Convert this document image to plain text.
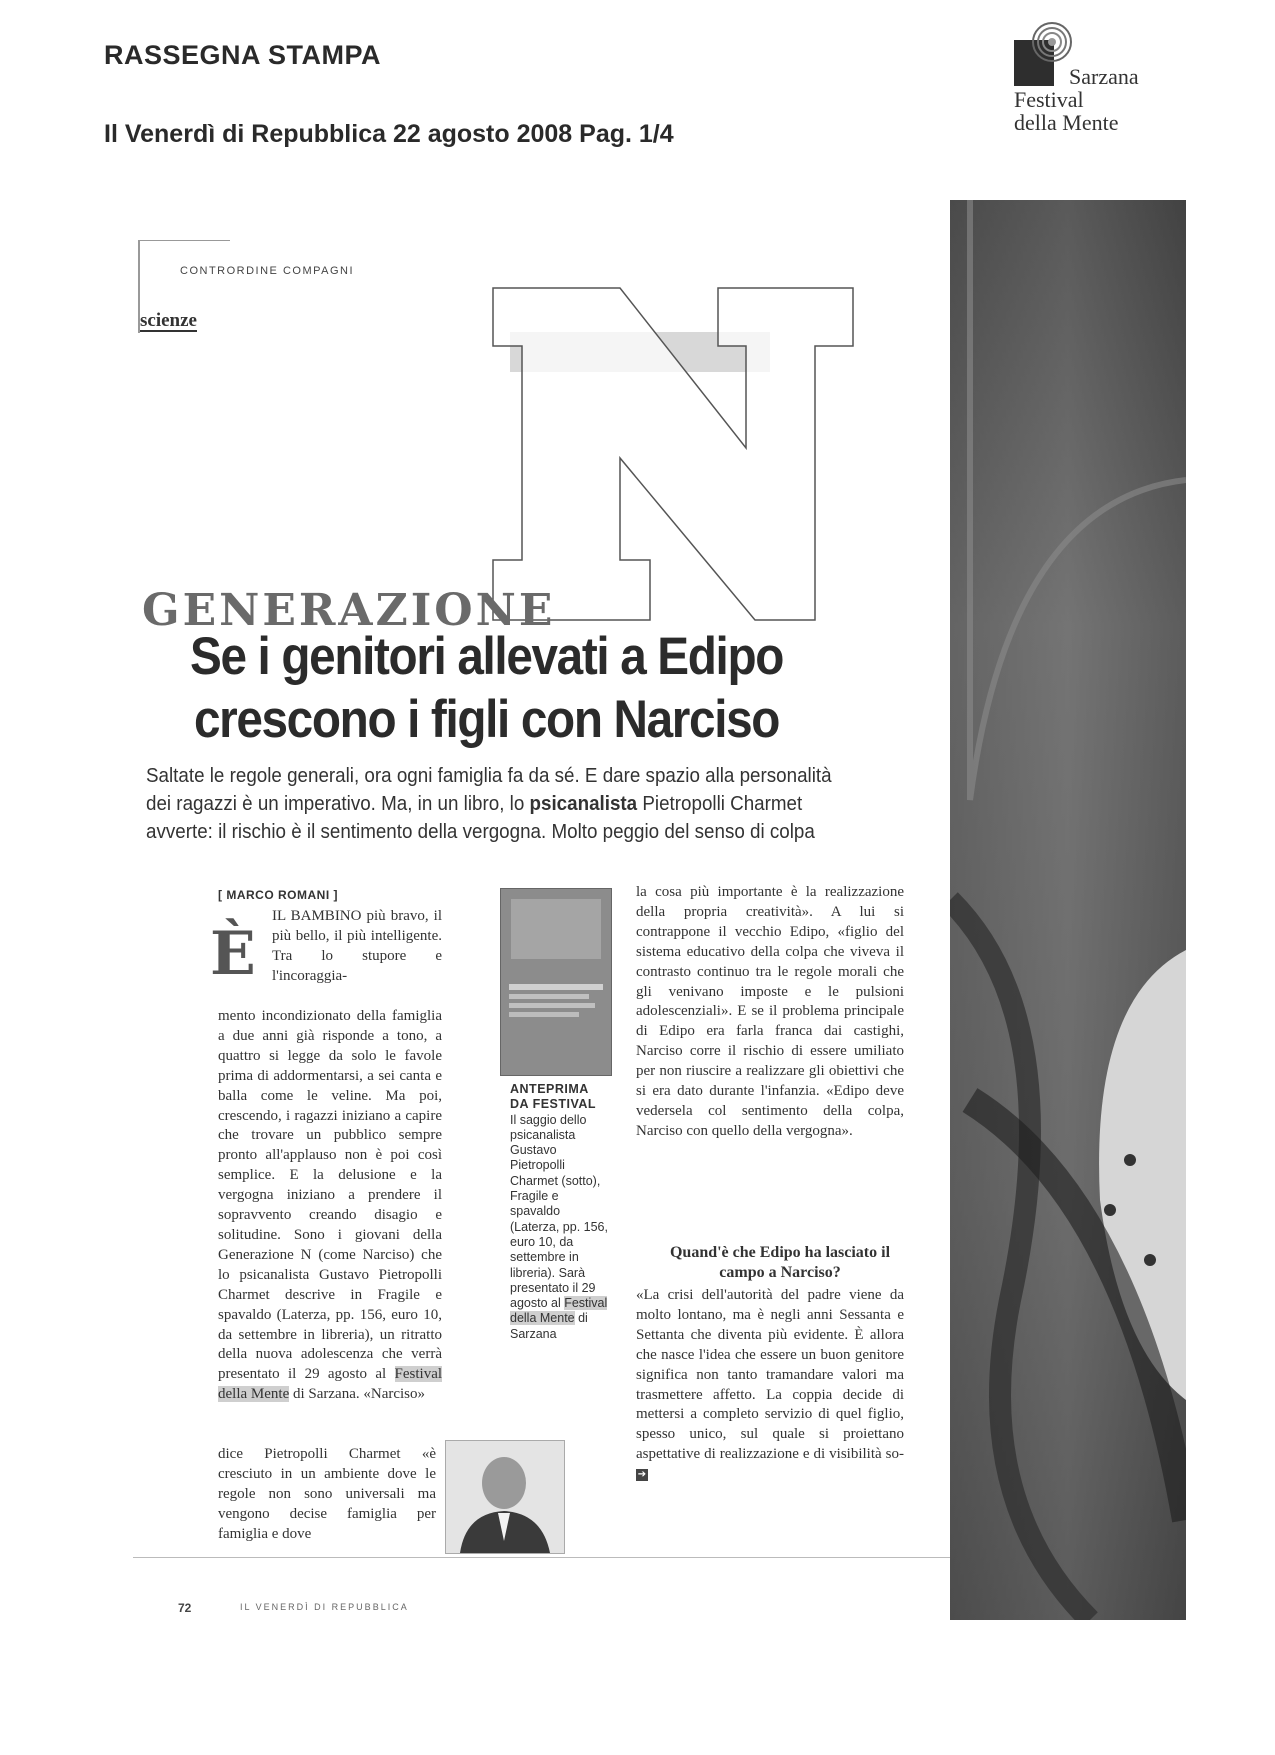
RASSEGNA STAMPA
Il Venerdì di Repubblica 22 agosto 2008 Pag. 1/4
Sarzana
Festival
della Mente
CONTRORDINE COMPAGNI
scienze
GENERAZIONE
Se i genitori allevati a Edipo
crescono i figli con Narciso
Saltate le regole generali, ora ogni famiglia fa da sé. E dare spazio alla personalità dei ragazzi è un imperativo. Ma, in un libro, lo psicanalista Pietropolli Charmet avverte: il rischio è il sentimento della vergogna. Molto peggio del senso di colpa
[ MARCO ROMANI ]
È
IL BAMBINO più bravo, il più bello, il più intelligente. Tra lo stupore e l'incoraggia-
mento incondizionato della famiglia a due anni già risponde a tono, a quattro si legge da solo le favole prima di addormentarsi, a sei canta e balla come le veline. Ma poi, crescendo, i ragazzi iniziano a capire che trovare un pubblico sempre pronto all'applauso non è poi così semplice. E la delusione e la vergogna iniziano a prendere il sopravvento creando disagio e solitudine. Sono i giovani della Generazione N (come Narciso) che lo psicanalista Gustavo Pietropolli Charmet descrive in Fragile e spavaldo (Laterza, pp. 156, euro 10, da settembre in libreria), un ritratto della nuova adolescenza che verrà presentato il 29 agosto al Festival della Mente di Sarzana. «Narciso»
dice Pietropolli Charmet «è cresciuto in un ambiente dove le regole non sono universali ma vengono decise famiglia per famiglia e dove
ANTEPRIMA
DA FESTIVAL
Il saggio dello psicanalista Gustavo Pietropolli Charmet (sotto), Fragile e spavaldo (Laterza, pp. 156, euro 10, da settembre in libreria). Sarà presentato il 29 agosto al Festival della Mente di Sarzana
la cosa più importante è la realizzazione della propria creatività». A lui si contrappone il vecchio Edipo, «figlio del sistema educativo della colpa che viveva il contrasto continuo tra le regole morali che gli venivano imposte e le pulsioni adolescenziali». E se il problema principale di Edipo era farla franca dai castighi, Narciso corre il rischio di essere umiliato per non riuscire a realizzare gli obiettivi che si era dato durante l'infanzia. «Edipo deve vedersela col sentimento della colpa, Narciso con quello della vergogna».
Quand'è che Edipo ha lasciato il campo a Narciso?
«La crisi dell'autorità del padre viene da molto lontano, ma è negli anni Sessanta e Settanta che diventa più evidente. È allora che nasce l'idea che essere un buon genitore significa non tanto tramandare valori ma trasmettere affetto. La coppia decide di mettersi a completo servizio di quel figlio, spesso unico, sul quale si proiettano aspettative di realizzazione e di visibilità so- ➔
72	IL VENERDÌ DI REPUBBLICA
